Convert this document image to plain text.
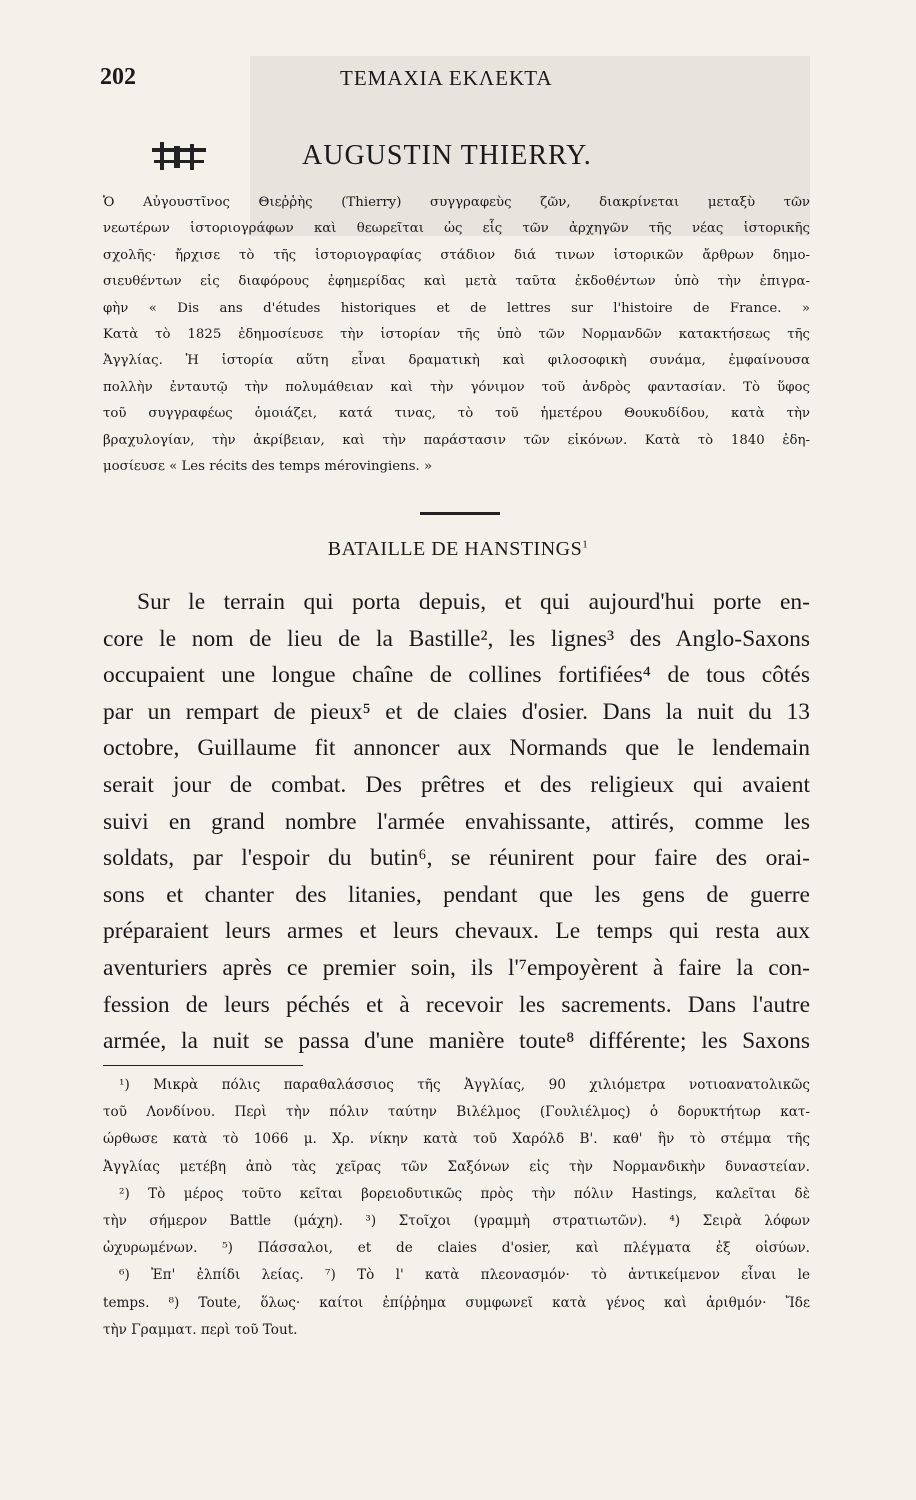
202	ΤΕΜΑΧΙΑ ΕΚΛΕΚΤΑ
AUGUSTIN THIERRY.
Ὁ Αὐγουστῖνος Θιεῤῥὴς (Thierry) συγγραφεὺς ζῶν, διακρίνεται μεταξὺ τῶν
νεωτέρων ἱστοριογράφων καὶ θεωρεῖται ὡς εἷς τῶν ἀρχηγῶν τῆς νέας ἱστορικῆς
σχολῆς· ἤρχισε τὸ τῆς ἱστοριογραφίας στάδιον διά τινων ἱστορικῶν ἄρθρων δημο-
σιευθέντων εἰς διαφόρους ἐφημερίδας καὶ μετὰ ταῦτα ἐκδοθέντων ὑπὸ τὴν ἐπιγρα-
φὴν « Dis ans d'études historiques et de lettres sur l'histoire de France. »
Κατὰ τὸ 1825 ἐδημοσίευσε τὴν ἱστορίαν τῆς ὑπὸ τῶν Νορμανδῶν κατακτήσεως τῆς
Ἀγγλίας. Ἡ ἱστορία αὕτη εἶναι δραματικὴ καὶ φιλοσοφικὴ συνάμα, ἐμφαίνουσα
πολλὴν ἐνταυτῷ τὴν πολυμάθειαν καὶ τὴν γόνιμον τοῦ ἀνδρὸς φαντασίαν. Τὸ ὕφος
τοῦ συγγραφέως ὁμοιάζει, κατά τινας, τὸ τοῦ ἡμετέρου Θουκυδίδου, κατὰ τὴν
βραχυλογίαν, τὴν ἀκρίβειαν, καὶ τὴν παράστασιν τῶν εἰκόνων. Κατὰ τὸ 1840 ἐδη-
μοσίευσε « Les récits des temps mérovingiens. »
BATAILLE DE HANSTINGS$^1$
Sur le terrain qui porta depuis, et qui aujourd'hui porte en-
core le nom de lieu de la Bastille², les lignes³ des Anglo-Saxons
occupaient une longue chaîne de collines fortifiées⁴ de tous côtés
par un rempart de pieux⁵ et de claies d'osier. Dans la nuit du 13
octobre, Guillaume fit annoncer aux Normands que le lendemain
serait jour de combat. Des prêtres et des religieux qui avaient
suivi en grand nombre l'armée envahissante, attirés, comme les
soldats, par l'espoir du butin⁶, se réunirent pour faire des orai-
sons et chanter des litanies, pendant que les gens de guerre
préparaient leurs armes et leurs chevaux. Le temps qui resta aux
aventuriers après ce premier soin, ils l'⁷empoyèrent à faire la con-
fession de leurs péchés et à recevoir les sacrements. Dans l'autre
armée, la nuit se passa d'une manière toute⁸ différente; les Saxons
¹) Μικρὰ πόλις παραθαλάσσιος τῆς Ἀγγλίας, 90 χιλιόμετρα νοτιοανατολικῶς
τοῦ Λονδίνου. Περὶ τὴν πόλιν ταύτην Βιλέλμος (Γουλιέλμος) ὁ δορυκτήτωρ κατ-
ώρθωσε κατὰ τὸ 1066 μ. Χρ. νίκην κατὰ τοῦ Χαρόλδ Β'. καθ' ἣν τὸ στέμμα τῆς
Ἀγγλίας μετέβη ἀπὸ τὰς χεῖρας τῶν Σαξόνων εἰς τὴν Νορμανδικὴν δυναστείαν.
²) Τὸ μέρος τοῦτο κεῖται βορειοδυτικῶς πρὸς τὴν πόλιν Hastings, καλεῖται δὲ
τὴν σήμερον Battle (μάχη). ³) Στοῖχοι (γραμμὴ στρατιωτῶν). ⁴) Σειρὰ λόφων
ὠχυρωμένων. ⁵) Πάσσαλοι, et de claies d'osier, καὶ πλέγματα ἐξ οἰσύων.
⁶) Ἐπ' ἐλπίδι λείας. ⁷) Τὸ l' κατὰ πλεονασμόν· τὸ ἀντικείμενον εἶναι le
temps. ⁸) Toute, ὅλως· καίτοι ἐπίῤῥημα συμφωνεῖ κατὰ γένος καὶ ἀριθμόν· Ἴδε
τὴν Γραμματ. περὶ τοῦ Tout.
